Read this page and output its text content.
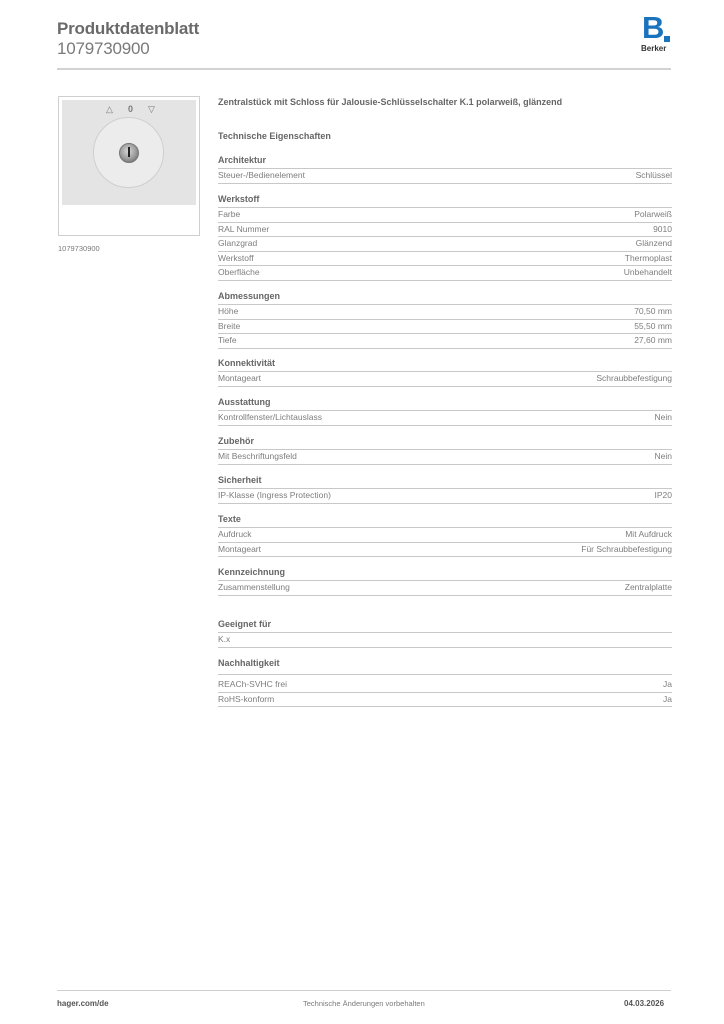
Produktdatenblatt
1079730900
B
Berker
△ 0 ▽
1079730900
Zentralstück mit Schloss für Jalousie-Schlüsselschalter K.1 polarweiß, glänzend
Technische Eigenschaften
Architektur
Steuer-/Bedienelement	Schlüssel
Werkstoff
Farbe	Polarweiß
RAL Nummer	9010
Glanzgrad	Glänzend
Werkstoff	Thermoplast
Oberfläche	Unbehandelt
Abmessungen
Höhe	70,50 mm
Breite	55,50 mm
Tiefe	27,60 mm
Konnektivität
Montageart	Schraubbefestigung
Ausstattung
Kontrollfenster/Lichtauslass	Nein
Zubehör
Mit Beschriftungsfeld	Nein
Sicherheit
IP-Klasse (Ingress Protection)	IP20
Texte
Aufdruck	Mit Aufdruck
Montageart	Für Schraubbefestigung
Kennzeichnung
Zusammenstellung	Zentralplatte
Geeignet für
K.x
Nachhaltigkeit
REACh-SVHC frei	Ja
RoHS-konform	Ja
hager.com/de	Technische Änderungen vorbehalten	04.03.2026
